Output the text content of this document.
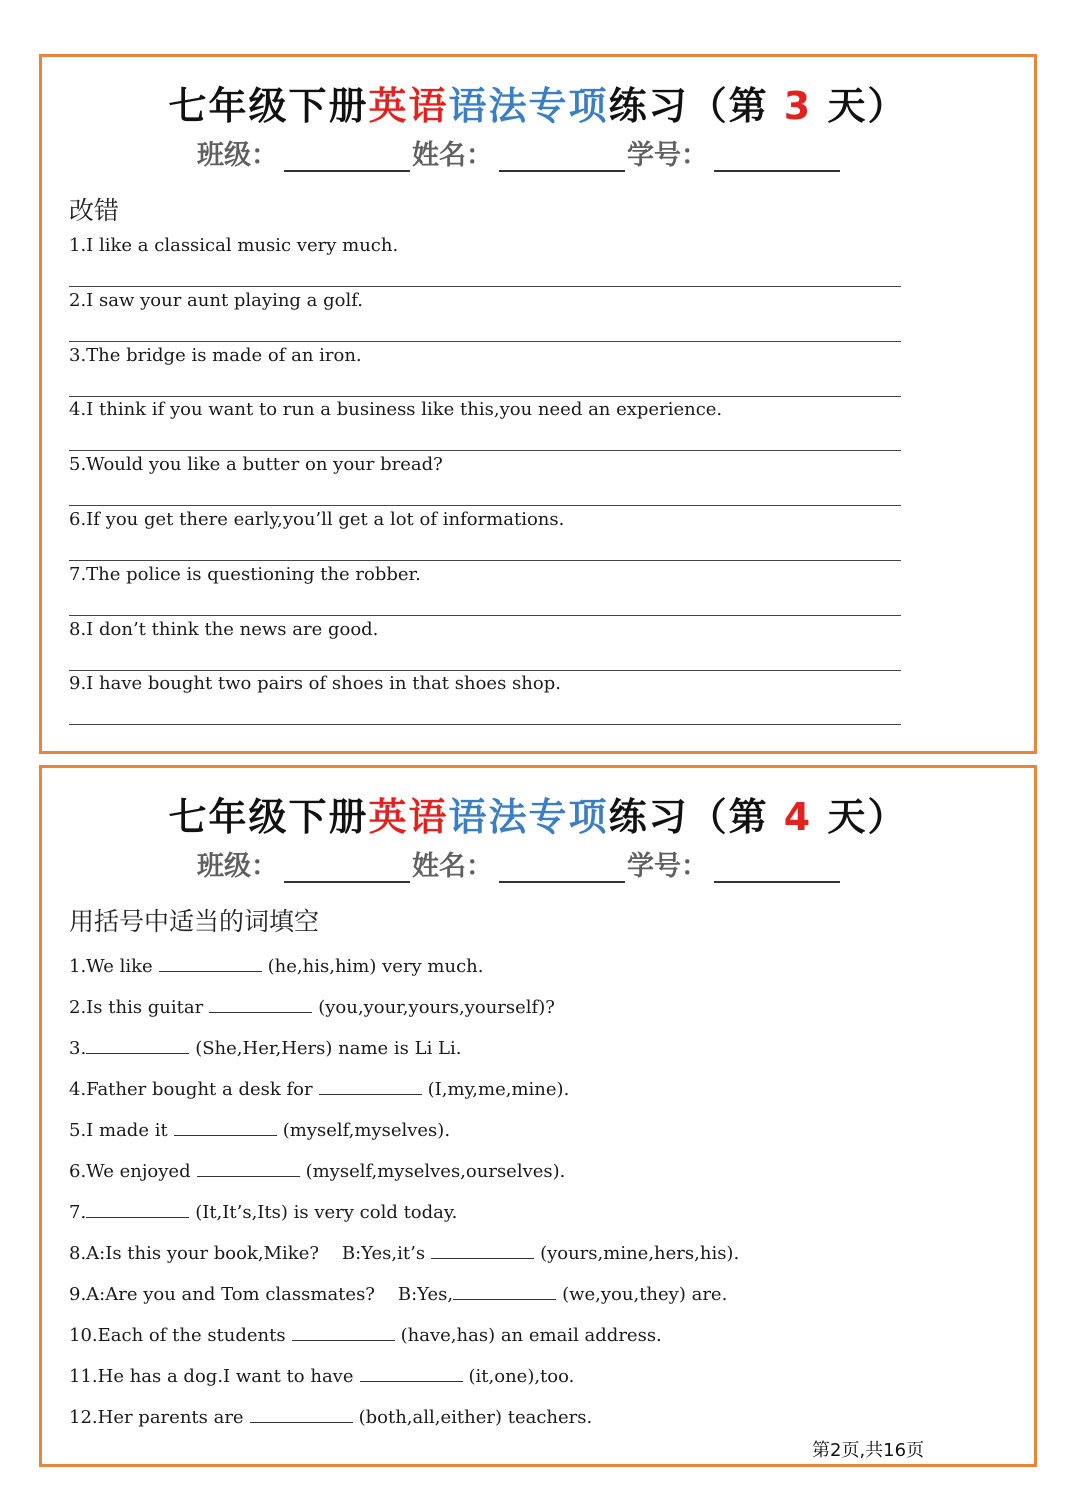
七年级下册英语语法专项练习（第 3 天）
班级：	姓名：	学号：
改错
1.I like a classical music very much.
2.I saw your aunt playing a golf.
3.The bridge is made of an iron.
4.I think if you want to run a business like this,you need an experience.
5.Would you like a butter on your bread?
6.If you get there early,you’ll get a lot of informations.
7.The police is questioning the robber.
8.I don’t think the news are good.
9.I have bought two pairs of shoes in that shoes shop.
七年级下册英语语法专项练习（第 4 天）
班级：	姓名：	学号：
用括号中适当的词填空
1.We like	(he,his,him) very much.
2.Is this guitar	(you,your,yours,yourself)?
3.	(She,Her,Hers) name is Li Li.
4.Father bought a desk for	(I,my,me,mine).
5.I made it	(myself,myselves).
6.We enjoyed	(myself,myselves,ourselves).
7.	(It,It’s,Its) is very cold today.
8.A:Is this your book,Mike?    B:Yes,it’s	(yours,mine,hers,his).
9.A:Are you and Tom classmates?    B:Yes,	(we,you,they) are.
10.Each of the students	(have,has) an email address.
11.He has a dog.I want to have	(it,one),too.
12.Her parents are	(both,all,either) teachers.
第2页,共16页
